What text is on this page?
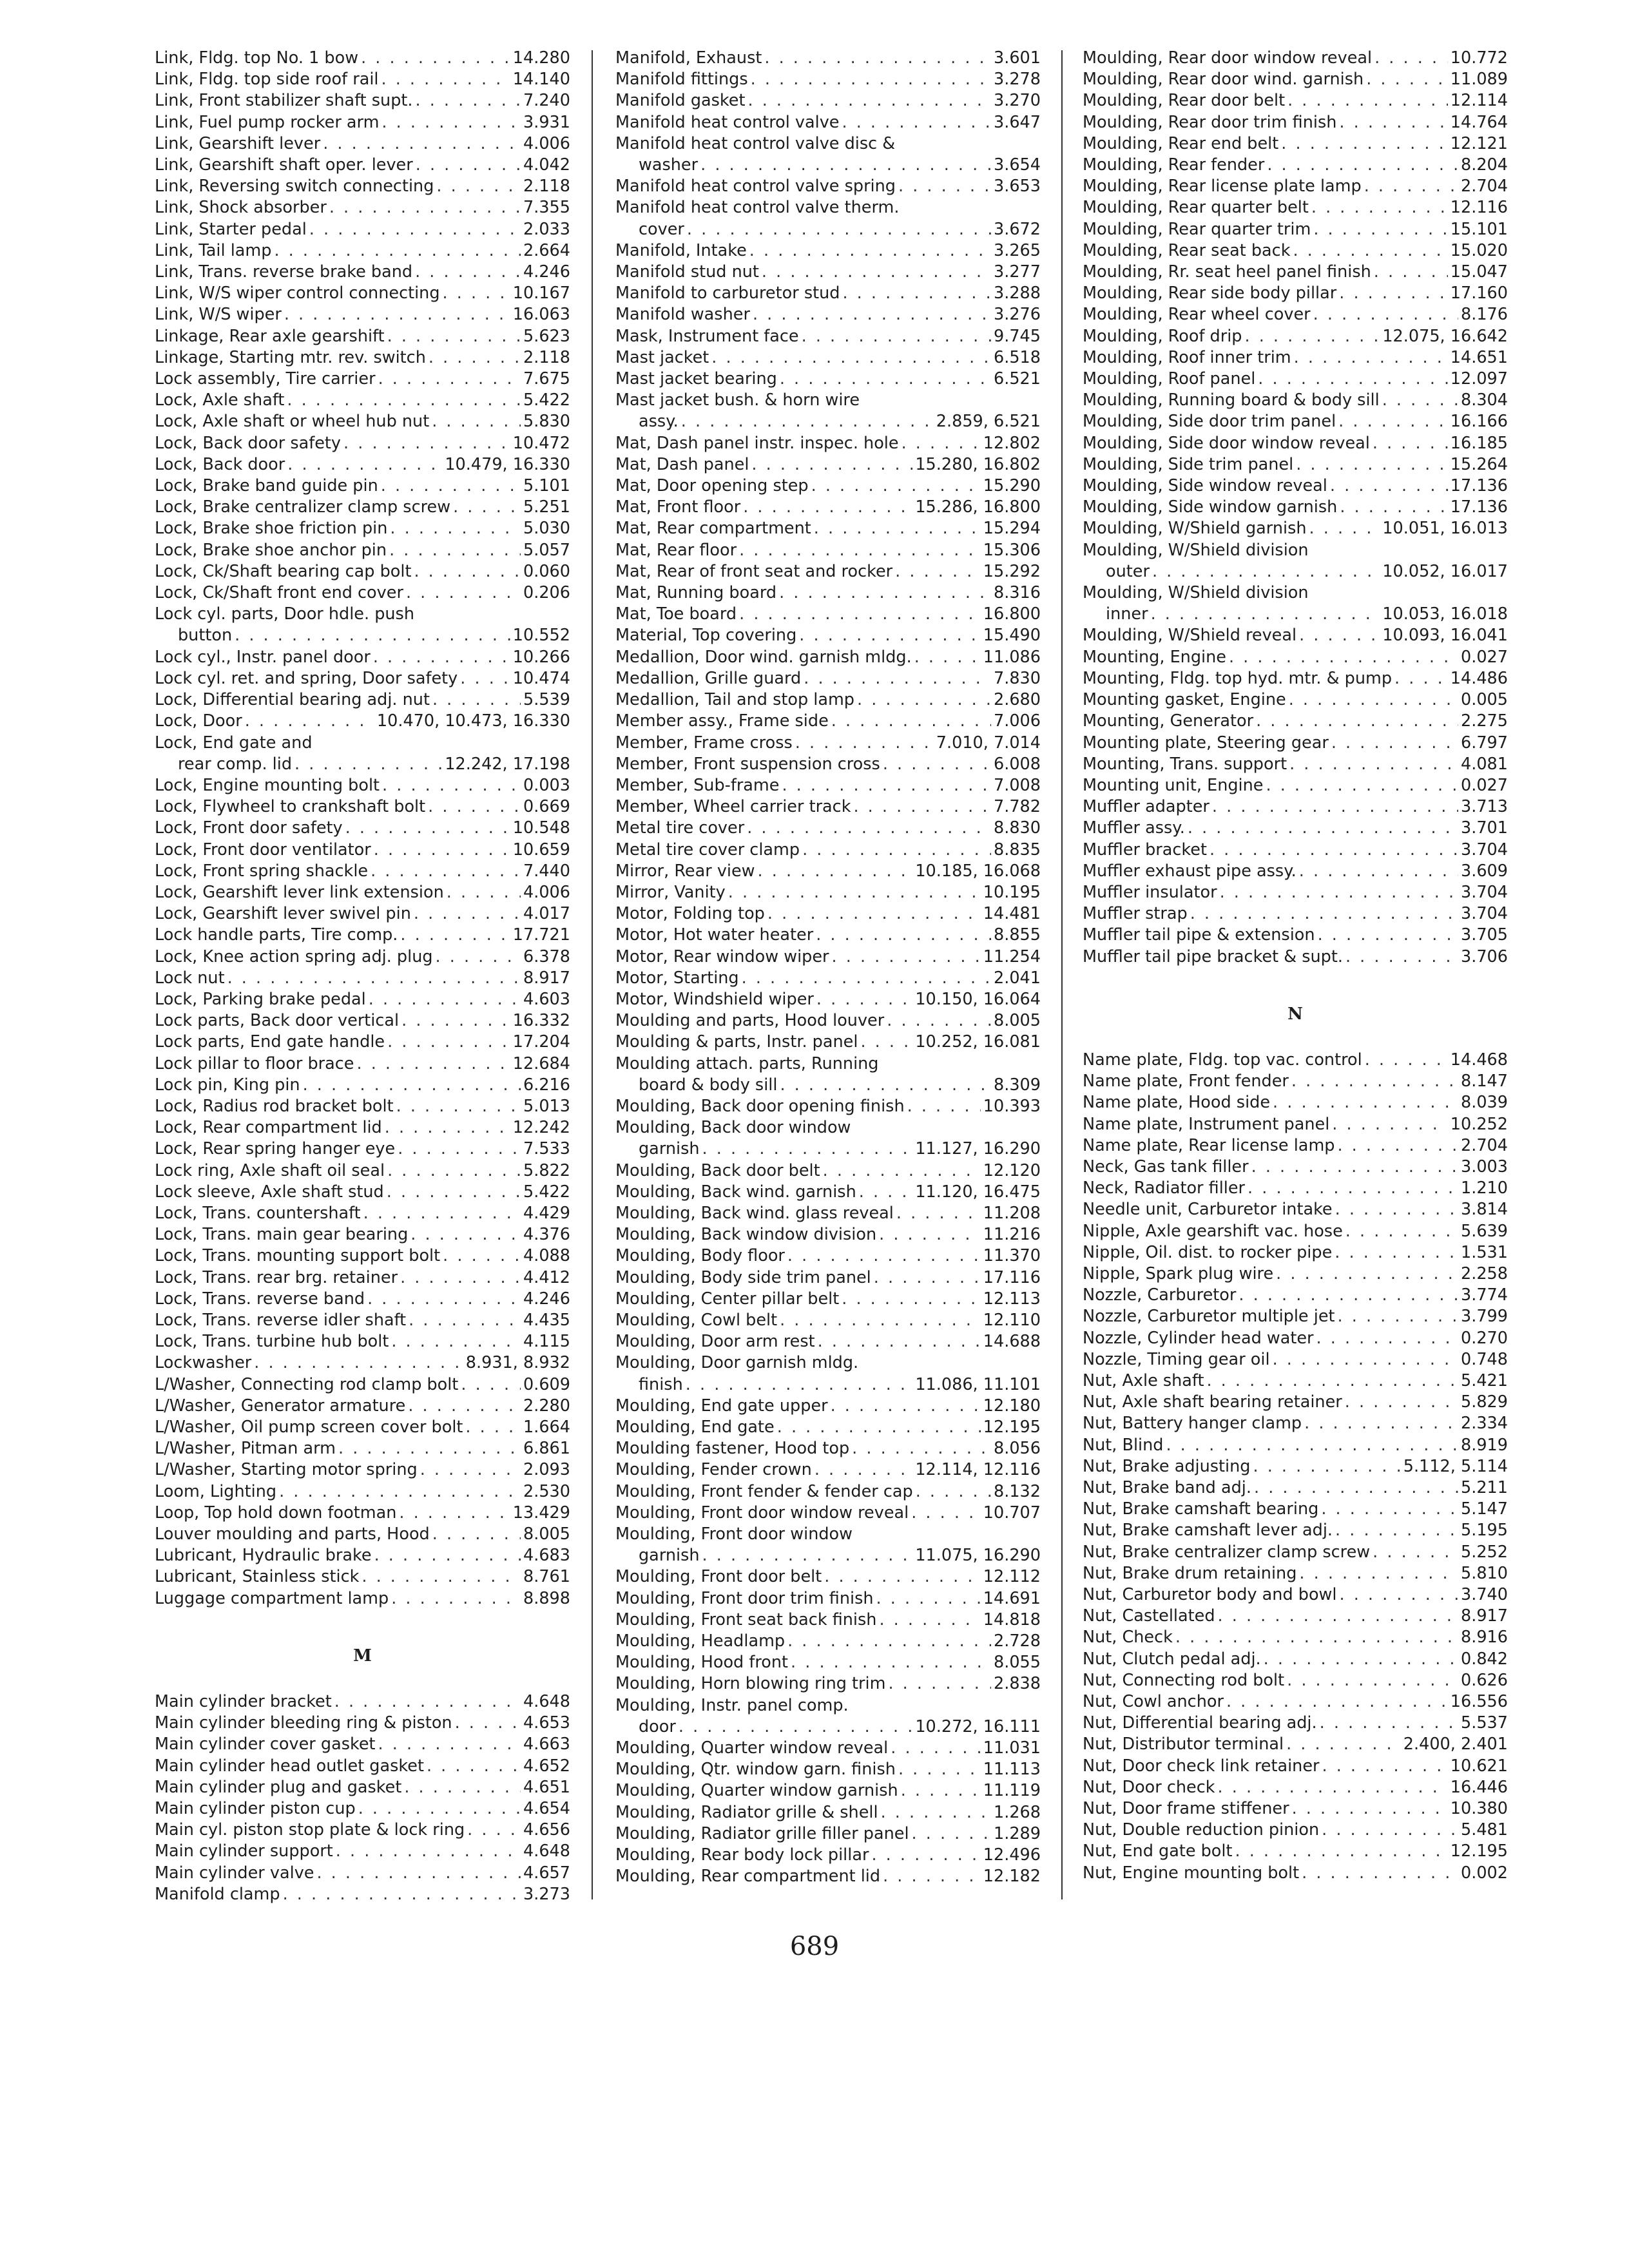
Link, Fldg. top No. 1 bow . . .	14.280
Link, Fldg. top side roof rail . . .	14.140
Link, Front stabilizer shaft supt. . . .	7.240
Link, Fuel pump rocker arm . . .	3.931
Link, Gearshift lever . . .	4.006
Link, Gearshift shaft oper. lever . . .	4.042
Link, Reversing switch connecting . . .	2.118
Link, Shock absorber . . .	7.355
Link, Starter pedal . . .	2.033
Link, Tail lamp . . .	2.664
Link, Trans. reverse brake band . . .	4.246
Link, W/S wiper control connecting . . .	10.167
Link, W/S wiper . . .	16.063
Linkage, Rear axle gearshift . . .	5.623
Linkage, Starting mtr. rev. switch . . .	2.118
Lock assembly, Tire carrier . . .	7.675
Lock, Axle shaft . . .	5.422
Lock, Axle shaft or wheel hub nut . . .	5.830
Lock, Back door safety . . .	10.472
Lock, Back door . . .	10.479, 16.330
Lock, Brake band guide pin . . .	5.101
Lock, Brake centralizer clamp screw . . .	5.251
Lock, Brake shoe friction pin . . .	5.030
Lock, Brake shoe anchor pin . . .	5.057
Lock, Ck/Shaft bearing cap bolt . . .	0.060
Lock, Ck/Shaft front end cover . . .	0.206
Lock cyl. parts, Door hdle. push
button . . .	10.552
Lock cyl., Instr. panel door . . .	10.266
Lock cyl. ret. and spring, Door safety . . .	10.474
Lock, Differential bearing adj. nut . . .	5.539
Lock, Door . . .	10.470, 10.473, 16.330
Lock, End gate and
rear comp. lid . . .	12.242, 17.198
Lock, Engine mounting bolt . . .	0.003
Lock, Flywheel to crankshaft bolt . . .	0.669
Lock, Front door safety . . .	10.548
Lock, Front door ventilator . . .	10.659
Lock, Front spring shackle . . .	7.440
Lock, Gearshift lever link extension . . .	4.006
Lock, Gearshift lever swivel pin . . .	4.017
Lock handle parts, Tire comp. . . .	17.721
Lock, Knee action spring adj. plug . . .	6.378
Lock nut . . .	8.917
Lock, Parking brake pedal . . .	4.603
Lock parts, Back door vertical . . .	16.332
Lock parts, End gate handle . . .	17.204
Lock pillar to floor brace . . .	12.684
Lock pin, King pin . . .	6.216
Lock, Radius rod bracket bolt . . .	5.013
Lock, Rear compartment lid . . .	12.242
Lock, Rear spring hanger eye . . .	7.533
Lock ring, Axle shaft oil seal . . .	5.822
Lock sleeve, Axle shaft stud . . .	5.422
Lock, Trans. countershaft . . .	4.429
Lock, Trans. main gear bearing . . .	4.376
Lock, Trans. mounting support bolt . . .	4.088
Lock, Trans. rear brg. retainer . . .	4.412
Lock, Trans. reverse band . . .	4.246
Lock, Trans. reverse idler shaft . . .	4.435
Lock, Trans. turbine hub bolt . . .	4.115
Lockwasher . . .	8.931, 8.932
L/Washer, Connecting rod clamp bolt . . .	0.609
L/Washer, Generator armature . . .	2.280
L/Washer, Oil pump screen cover bolt . . .	1.664
L/Washer, Pitman arm . . .	6.861
L/Washer, Starting motor spring . . .	2.093
Loom, Lighting . . .	2.530
Loop, Top hold down footman . . .	13.429
Louver moulding and parts, Hood . . .	8.005
Lubricant, Hydraulic brake . . .	4.683
Lubricant, Stainless stick . . .	8.761
Luggage compartment lamp . . .	8.898
M
Main cylinder bracket . . .	4.648
Main cylinder bleeding ring & piston . . .	4.653
Main cylinder cover gasket . . .	4.663
Main cylinder head outlet gasket . . .	4.652
Main cylinder plug and gasket . . .	4.651
Main cylinder piston cup . . .	4.654
Main cyl. piston stop plate & lock ring . . .	4.656
Main cylinder support . . .	4.648
Main cylinder valve . . .	4.657
Manifold clamp . . .	3.273
Manifold, Exhaust . . .	3.601
Manifold fittings . . .	3.278
Manifold gasket . . .	3.270
Manifold heat control valve . . .	3.647
Manifold heat control valve disc &
washer . . .	3.654
Manifold heat control valve spring . . .	3.653
Manifold heat control valve therm.
cover . . .	3.672
Manifold, Intake . . .	3.265
Manifold stud nut . . .	3.277
Manifold to carburetor stud . . .	3.288
Manifold washer . . .	3.276
Mask, Instrument face . . .	9.745
Mast jacket . . .	6.518
Mast jacket bearing . . .	6.521
Mast jacket bush. & horn wire
assy. . . .	2.859, 6.521
Mat, Dash panel instr. inspec. hole . . .	12.802
Mat, Dash panel . . .	15.280, 16.802
Mat, Door opening step . . .	15.290
Mat, Front floor . . .	15.286, 16.800
Mat, Rear compartment . . .	15.294
Mat, Rear floor . . .	15.306
Mat, Rear of front seat and rocker . . .	15.292
Mat, Running board . . .	8.316
Mat, Toe board . . .	16.800
Material, Top covering . . .	15.490
Medallion, Door wind. garnish mldg. . . .	11.086
Medallion, Grille guard . . .	7.830
Medallion, Tail and stop lamp . . .	2.680
Member assy., Frame side . . .	7.006
Member, Frame cross . . .	7.010, 7.014
Member, Front suspension cross . . .	6.008
Member, Sub-frame . . .	7.008
Member, Wheel carrier track . . .	7.782
Metal tire cover . . .	8.830
Metal tire cover clamp . . .	8.835
Mirror, Rear view . . .	10.185, 16.068
Mirror, Vanity . . .	10.195
Motor, Folding top . . .	14.481
Motor, Hot water heater . . .	8.855
Motor, Rear window wiper . . .	11.254
Motor, Starting . . .	2.041
Motor, Windshield wiper . . .	10.150, 16.064
Moulding and parts, Hood louver . . .	8.005
Moulding & parts, Instr. panel . . .	10.252, 16.081
Moulding attach. parts, Running
board & body sill . . .	8.309
Moulding, Back door opening finish . . .	10.393
Moulding, Back door window
garnish . . .	11.127, 16.290
Moulding, Back door belt . . .	12.120
Moulding, Back wind. garnish . . .	11.120, 16.475
Moulding, Back wind. glass reveal . . .	11.208
Moulding, Back window division . . .	11.216
Moulding, Body floor . . .	11.370
Moulding, Body side trim panel . . .	17.116
Moulding, Center pillar belt . . .	12.113
Moulding, Cowl belt . . .	12.110
Moulding, Door arm rest . . .	14.688
Moulding, Door garnish mldg.
finish . . .	11.086, 11.101
Moulding, End gate upper . . .	12.180
Moulding, End gate . . .	12.195
Moulding fastener, Hood top . . .	8.056
Moulding, Fender crown . . .	12.114, 12.116
Moulding, Front fender & fender cap . . .	8.132
Moulding, Front door window reveal . . .	10.707
Moulding, Front door window
garnish . . .	11.075, 16.290
Moulding, Front door belt . . .	12.112
Moulding, Front door trim finish . . .	14.691
Moulding, Front seat back finish . . .	14.818
Moulding, Headlamp . . .	2.728
Moulding, Hood front . . .	8.055
Moulding, Horn blowing ring trim . . .	2.838
Moulding, Instr. panel comp.
door . . .	10.272, 16.111
Moulding, Quarter window reveal . . .	11.031
Moulding, Qtr. window garn. finish . . .	11.113
Moulding, Quarter window garnish . . .	11.119
Moulding, Radiator grille & shell . . .	1.268
Moulding, Radiator grille filler panel . . .	1.289
Moulding, Rear body lock pillar . . .	12.496
Moulding, Rear compartment lid . . .	12.182
Moulding, Rear door window reveal . . .	10.772
Moulding, Rear door wind. garnish . . .	11.089
Moulding, Rear door belt . . .	12.114
Moulding, Rear door trim finish . . .	14.764
Moulding, Rear end belt . . .	12.121
Moulding, Rear fender . . .	8.204
Moulding, Rear license plate lamp . . .	2.704
Moulding, Rear quarter belt . . .	12.116
Moulding, Rear quarter trim . . .	15.101
Moulding, Rear seat back . . .	15.020
Moulding, Rr. seat heel panel finish . . .	15.047
Moulding, Rear side body pillar . . .	17.160
Moulding, Rear wheel cover . . .	8.176
Moulding, Roof drip . . .	12.075, 16.642
Moulding, Roof inner trim . . .	14.651
Moulding, Roof panel . . .	12.097
Moulding, Running board & body sill . . .	8.304
Moulding, Side door trim panel . . .	16.166
Moulding, Side door window reveal . . .	16.185
Moulding, Side trim panel . . .	15.264
Moulding, Side window reveal . . .	17.136
Moulding, Side window garnish . . .	17.136
Moulding, W/Shield garnish . . .	10.051, 16.013
Moulding, W/Shield division
outer . . .	10.052, 16.017
Moulding, W/Shield division
inner . . .	10.053, 16.018
Moulding, W/Shield reveal . . .	10.093, 16.041
Mounting, Engine . . .	0.027
Mounting, Fldg. top hyd. mtr. & pump . . .	14.486
Mounting gasket, Engine . . .	0.005
Mounting, Generator . . .	2.275
Mounting plate, Steering gear . . .	6.797
Mounting, Trans. support . . .	4.081
Mounting unit, Engine . . .	0.027
Muffler adapter . . .	3.713
Muffler assy. . . .	3.701
Muffler bracket . . .	3.704
Muffler exhaust pipe assy. . . .	3.609
Muffler insulator . . .	3.704
Muffler strap . . .	3.704
Muffler tail pipe & extension . . .	3.705
Muffler tail pipe bracket & supt. . . .	3.706
N
Name plate, Fldg. top vac. control . . .	14.468
Name plate, Front fender . . .	8.147
Name plate, Hood side . . .	8.039
Name plate, Instrument panel . . .	10.252
Name plate, Rear license lamp . . .	2.704
Neck, Gas tank filler . . .	3.003
Neck, Radiator filler . . .	1.210
Needle unit, Carburetor intake . . .	3.814
Nipple, Axle gearshift vac. hose . . .	5.639
Nipple, Oil. dist. to rocker pipe . . .	1.531
Nipple, Spark plug wire . . .	2.258
Nozzle, Carburetor . . .	3.774
Nozzle, Carburetor multiple jet . . .	3.799
Nozzle, Cylinder head water . . .	0.270
Nozzle, Timing gear oil . . .	0.748
Nut, Axle shaft . . .	5.421
Nut, Axle shaft bearing retainer . . .	5.829
Nut, Battery hanger clamp . . .	2.334
Nut, Blind . . .	8.919
Nut, Brake adjusting . . .	5.112, 5.114
Nut, Brake band adj. . . .	5.211
Nut, Brake camshaft bearing . . .	5.147
Nut, Brake camshaft lever adj. . . .	5.195
Nut, Brake centralizer clamp screw . . .	5.252
Nut, Brake drum retaining . . .	5.810
Nut, Carburetor body and bowl . . .	3.740
Nut, Castellated . . .	8.917
Nut, Check . . .	8.916
Nut, Clutch pedal adj. . . .	0.842
Nut, Connecting rod bolt . . .	0.626
Nut, Cowl anchor . . .	16.556
Nut, Differential bearing adj. . . .	5.537
Nut, Distributor terminal . . .	2.400, 2.401
Nut, Door check link retainer . . .	10.621
Nut, Door check . . .	16.446
Nut, Door frame stiffener . . .	10.380
Nut, Double reduction pinion . . .	5.481
Nut, End gate bolt . . .	12.195
Nut, Engine mounting bolt . . .	0.002
689
